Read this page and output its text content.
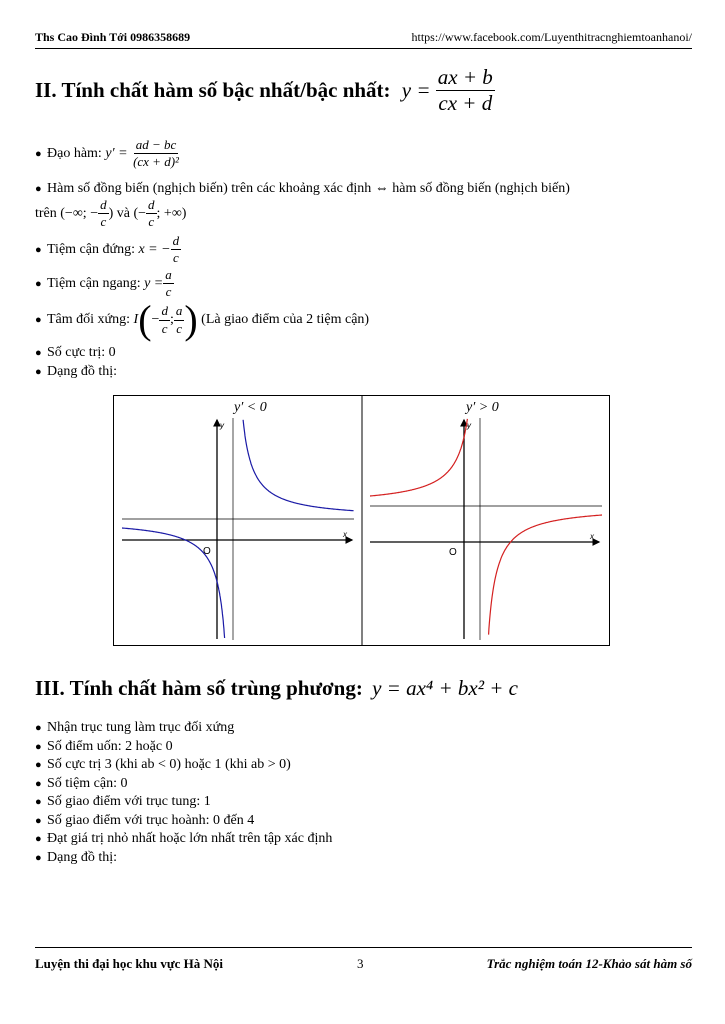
Ths Cao Đình Tới 0986358689	https://www.facebook.com/Luyenthitracnghiemtoanhanoi/
II. Tính chất hàm số bậc nhất/bậc nhất: $y = \frac{ax + b}{cx + d}$
● Đạo hàm: $y' = \frac{ad - bc}{\text{(cx + d)²}}$
● Hàm số đồng biến (nghịch biến) trên các khoảng xác định ⇔ hàm số đồng biến (nghịch biến)
trên (−∞; − $\frac{d}{c}$ ) và (− $\frac{d}{c}$ ; +∞)
● Tiệm cận đứng: x = − $\frac{d}{c}$
● Tiệm cận ngang: $y = \frac{a}{c}$
● Tâm đối xứng: $I(- \frac{d}{c}$ ; $\frac{a}{c}$ ) (Là giao điểm của 2 tiệm cận)
● Số cực trị: 0
● Dạng đồ thị:
y′ < 0
x
y
O
y′ > 0
x
y
O
III. Tính chất hàm số trùng phương: y = ax⁴ + bx² + c
● Nhận trục tung làm trục đối xứng
● Số điểm uốn: 2 hoặc 0
● Số cực trị 3 (khi ab < 0) hoặc 1 (khi ab > 0)
● Số tiệm cận: 0
● Số giao điểm với trục tung: 1
● Số giao điểm với trục hoành: 0 đến 4
● Đạt giá trị nhỏ nhất hoặc lớn nhất trên tập xác định
● Dạng đồ thị:
Luyện thi đại học khu vực Hà Nội	3	Trắc nghiệm toán 12-Khảo sát hàm số
